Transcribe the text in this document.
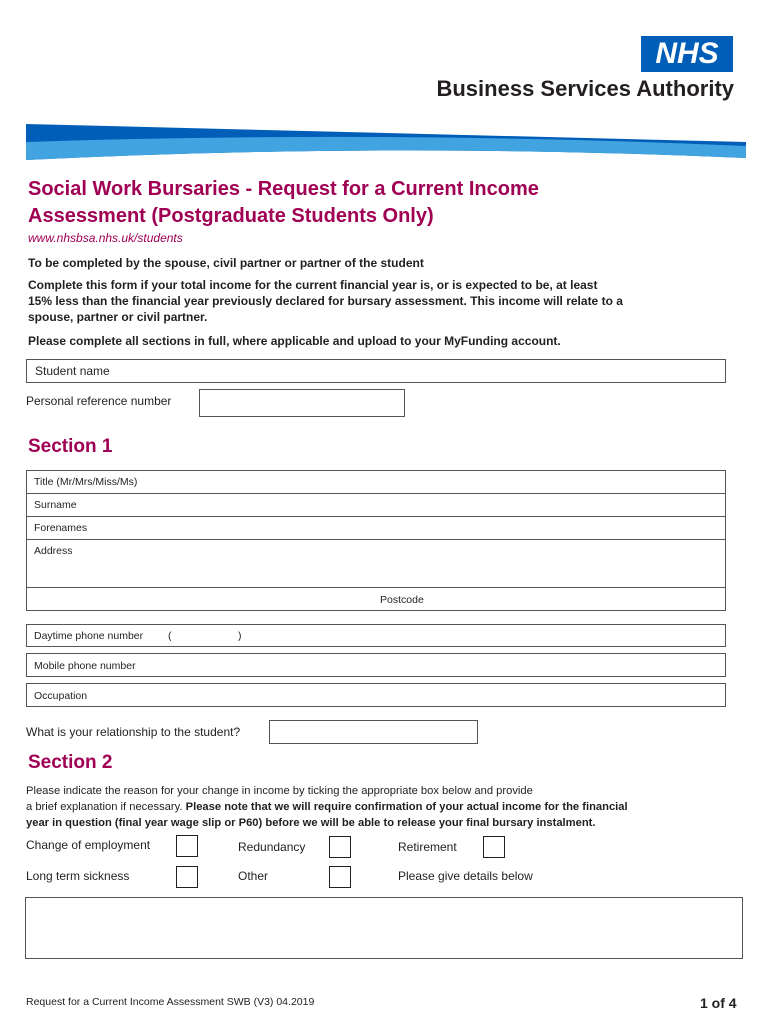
NHS
Business Services Authority
Social Work Bursaries - Request for a Current Income
Assessment (Postgraduate Students Only)
www.nhsbsa.nhs.uk/students
To be completed by the spouse, civil partner or partner of the student
Complete this form if your total income for the current financial year is, or is expected to be, at least
15% less than the financial year previously declared for bursary assessment. This income will relate to a
spouse, partner or civil partner.
Please complete all sections in full, where applicable and upload to your MyFunding account.
Student name
Personal reference number
Section 1
Title (Mr/Mrs/Miss/Ms)
Surname
Forenames
Address
Postcode
Daytime phone number (	)
Mobile phone number
Occupation
What is your relationship to the student?
Section 2
Please indicate the reason for your change in income by ticking the appropriate box below and provide
a brief explanation if necessary. Please note that we will require confirmation of your actual income for the financial
year in question (final year wage slip or P60) before we will be able to release your final bursary instalment.
Change of employment	Redundancy	Retirement
Long term sickness	Other	Please give details below
Request for a Current Income Assessment SWB (V3) 04.2019	1 of 4
